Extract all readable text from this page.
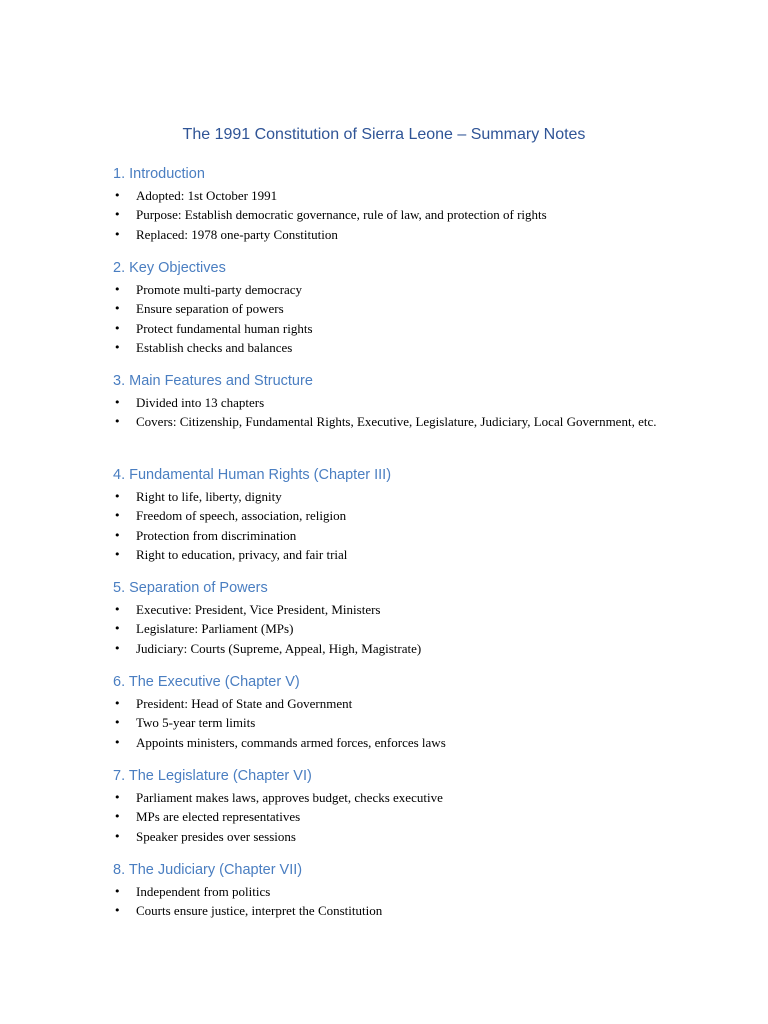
The 1991 Constitution of Sierra Leone – Summary Notes
1. Introduction
• Adopted: 1st October 1991
• Purpose: Establish democratic governance, rule of law, and protection of rights
• Replaced: 1978 one-party Constitution
2. Key Objectives
• Promote multi-party democracy
• Ensure separation of powers
• Protect fundamental human rights
• Establish checks and balances
3. Main Features and Structure
• Divided into 13 chapters
• Covers: Citizenship, Fundamental Rights, Executive, Legislature, Judiciary, Local Government, etc.
4. Fundamental Human Rights (Chapter III)
• Right to life, liberty, dignity
• Freedom of speech, association, religion
• Protection from discrimination
• Right to education, privacy, and fair trial
5. Separation of Powers
• Executive: President, Vice President, Ministers
• Legislature: Parliament (MPs)
• Judiciary: Courts (Supreme, Appeal, High, Magistrate)
6. The Executive (Chapter V)
• President: Head of State and Government
• Two 5-year term limits
• Appoints ministers, commands armed forces, enforces laws
7. The Legislature (Chapter VI)
• Parliament makes laws, approves budget, checks executive
• MPs are elected representatives
• Speaker presides over sessions
8. The Judiciary (Chapter VII)
• Independent from politics
• Courts ensure justice, interpret the Constitution
